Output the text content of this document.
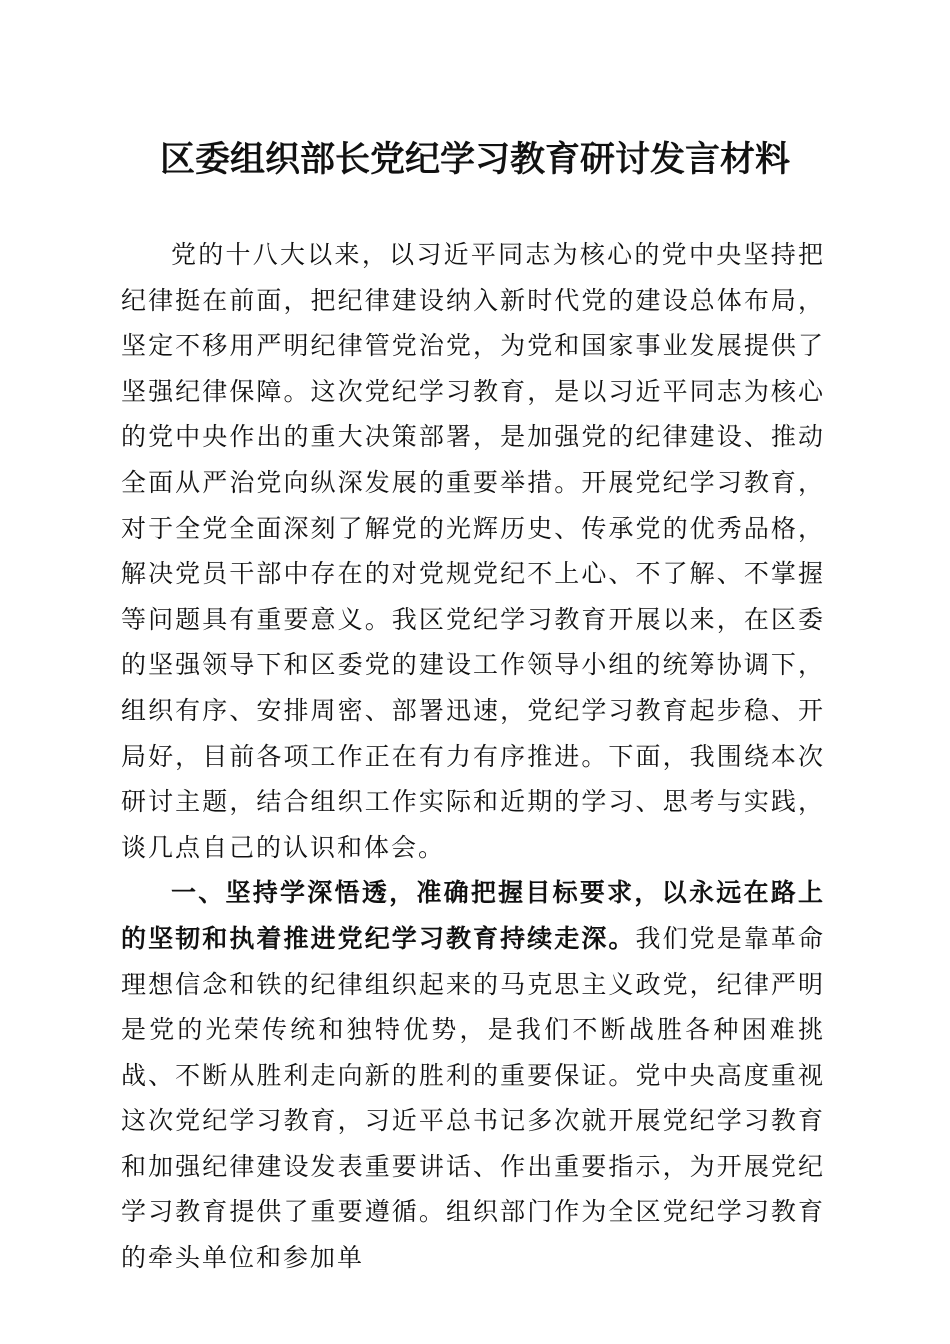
区委组织部长党纪学习教育研讨发言材料

党的十八大以来，以习近平同志为核心的党中央坚持把纪律挺在前面，把纪律建设纳入新时代党的建设总体布局，坚定不移用严明纪律管党治党，为党和国家事业发展提供了坚强纪律保障。这次党纪学习教育，是以习近平同志为核心的党中央作出的重大决策部署，是加强党的纪律建设、推动全面从严治党向纵深发展的重要举措。开展党纪学习教育，对于全党全面深刻了解党的光辉历史、传承党的优秀品格，解决党员干部中存在的对党规党纪不上心、不了解、不掌握等问题具有重要意义。我区党纪学习教育开展以来，在区委的坚强领导下和区委党的建设工作领导小组的统筹协调下，组织有序、安排周密、部署迅速，党纪学习教育起步稳、开局好，目前各项工作正在有力有序推进。下面，我围绕本次研讨主题，结合组织工作实际和近期的学习、思考与实践，谈几点自己的认识和体会。

一、坚持学深悟透，准确把握目标要求，以永远在路上的坚韧和执着推进党纪学习教育持续走深。我们党是靠革命理想信念和铁的纪律组织起来的马克思主义政党，纪律严明是党的光荣传统和独特优势，是我们不断战胜各种困难挑战、不断从胜利走向新的胜利的重要保证。党中央高度重视这次党纪学习教育，习近平总书记多次就开展党纪学习教育和加强纪律建设发表重要讲话、作出重要指示，为开展党纪学习教育提供了重要遵循。组织部门作为全区党纪学习教育的牵头单位和参加单
